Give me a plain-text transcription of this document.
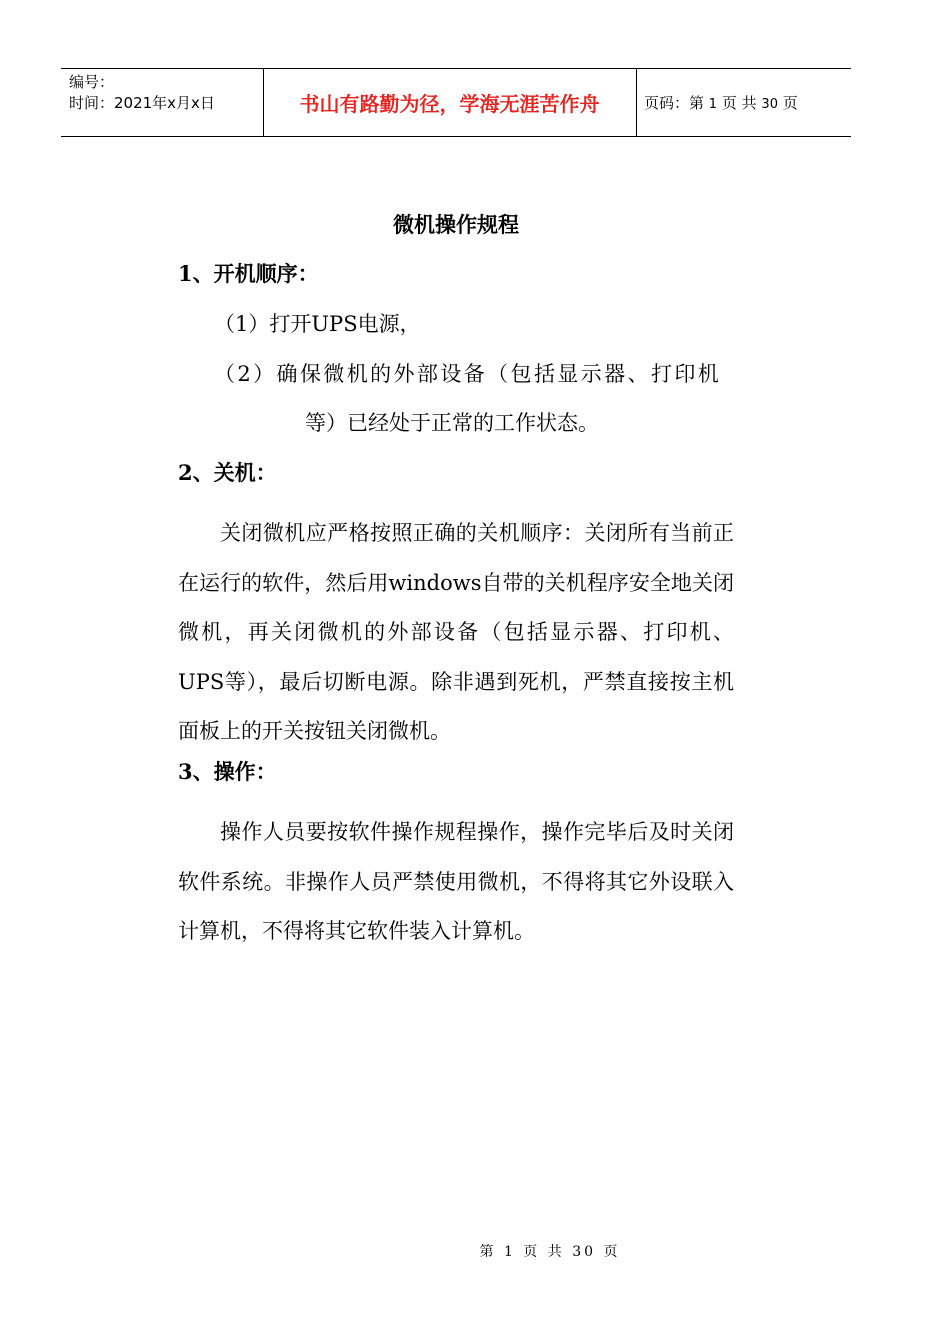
编号：
时间：2021年x月x日	书山有路勤为径，学海无涯苦作舟	页码：第 1 页 共 30 页
微机操作规程
1、开机顺序：
（1）打开UPS电源，
（2）确保微机的外部设备（包括显示器、打印机
等）已经处于正常的工作状态。
2、关机：
关闭微机应严格按照正确的关机顺序：关闭所有当前正在运行的软件，然后用windows自带的关机程序安全地关闭微机，再关闭微机的外部设备（包括显示器、打印机、 UPS等），最后切断电源。除非遇到死机，严禁直接按主机面板上的开关按钮关闭微机。
3、操作：
操作人员要按软件操作规程操作，操作完毕后及时关闭软件系统。非操作人员严禁使用微机，不得将其它外设联入计算机，不得将其它软件装入计算机。
第 1 页 共 30 页
